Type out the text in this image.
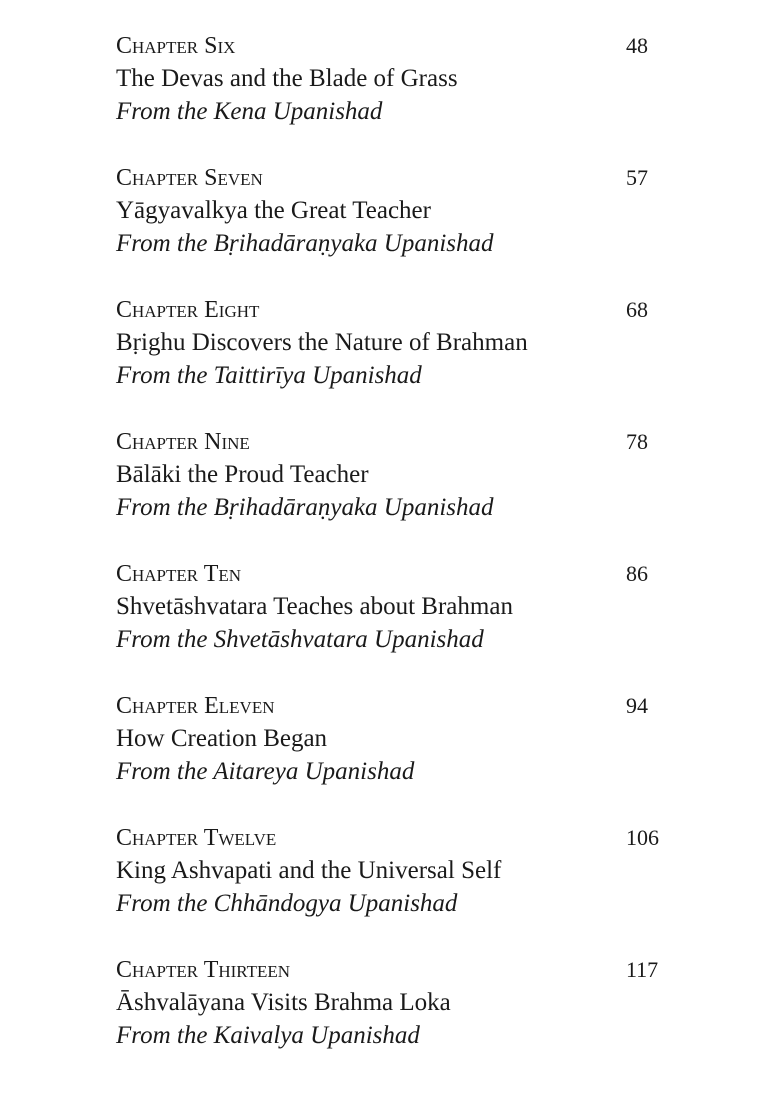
Chapter Six	48
The Devas and the Blade of Grass
From the Kena Upanishad
Chapter Seven	57
Yāgyavalkya the Great Teacher
From the Bṛihadāraṇyaka Upanishad
Chapter Eight	68
Bṛighu Discovers the Nature of Brahman
From the Taittirīya Upanishad
Chapter Nine	78
Bālāki the Proud Teacher
From the Bṛihadāraṇyaka Upanishad
Chapter Ten	86
Shvetāshvatara Teaches about Brahman
From the Shvetāshvatara Upanishad
Chapter Eleven	94
How Creation Began
From the Aitareya Upanishad
Chapter Twelve	106
King Ashvapati and the Universal Self
From the Chhāndogya Upanishad
Chapter Thirteen	117
Āshvalāyana Visits Brahma Loka
From the Kaivalya Upanishad
